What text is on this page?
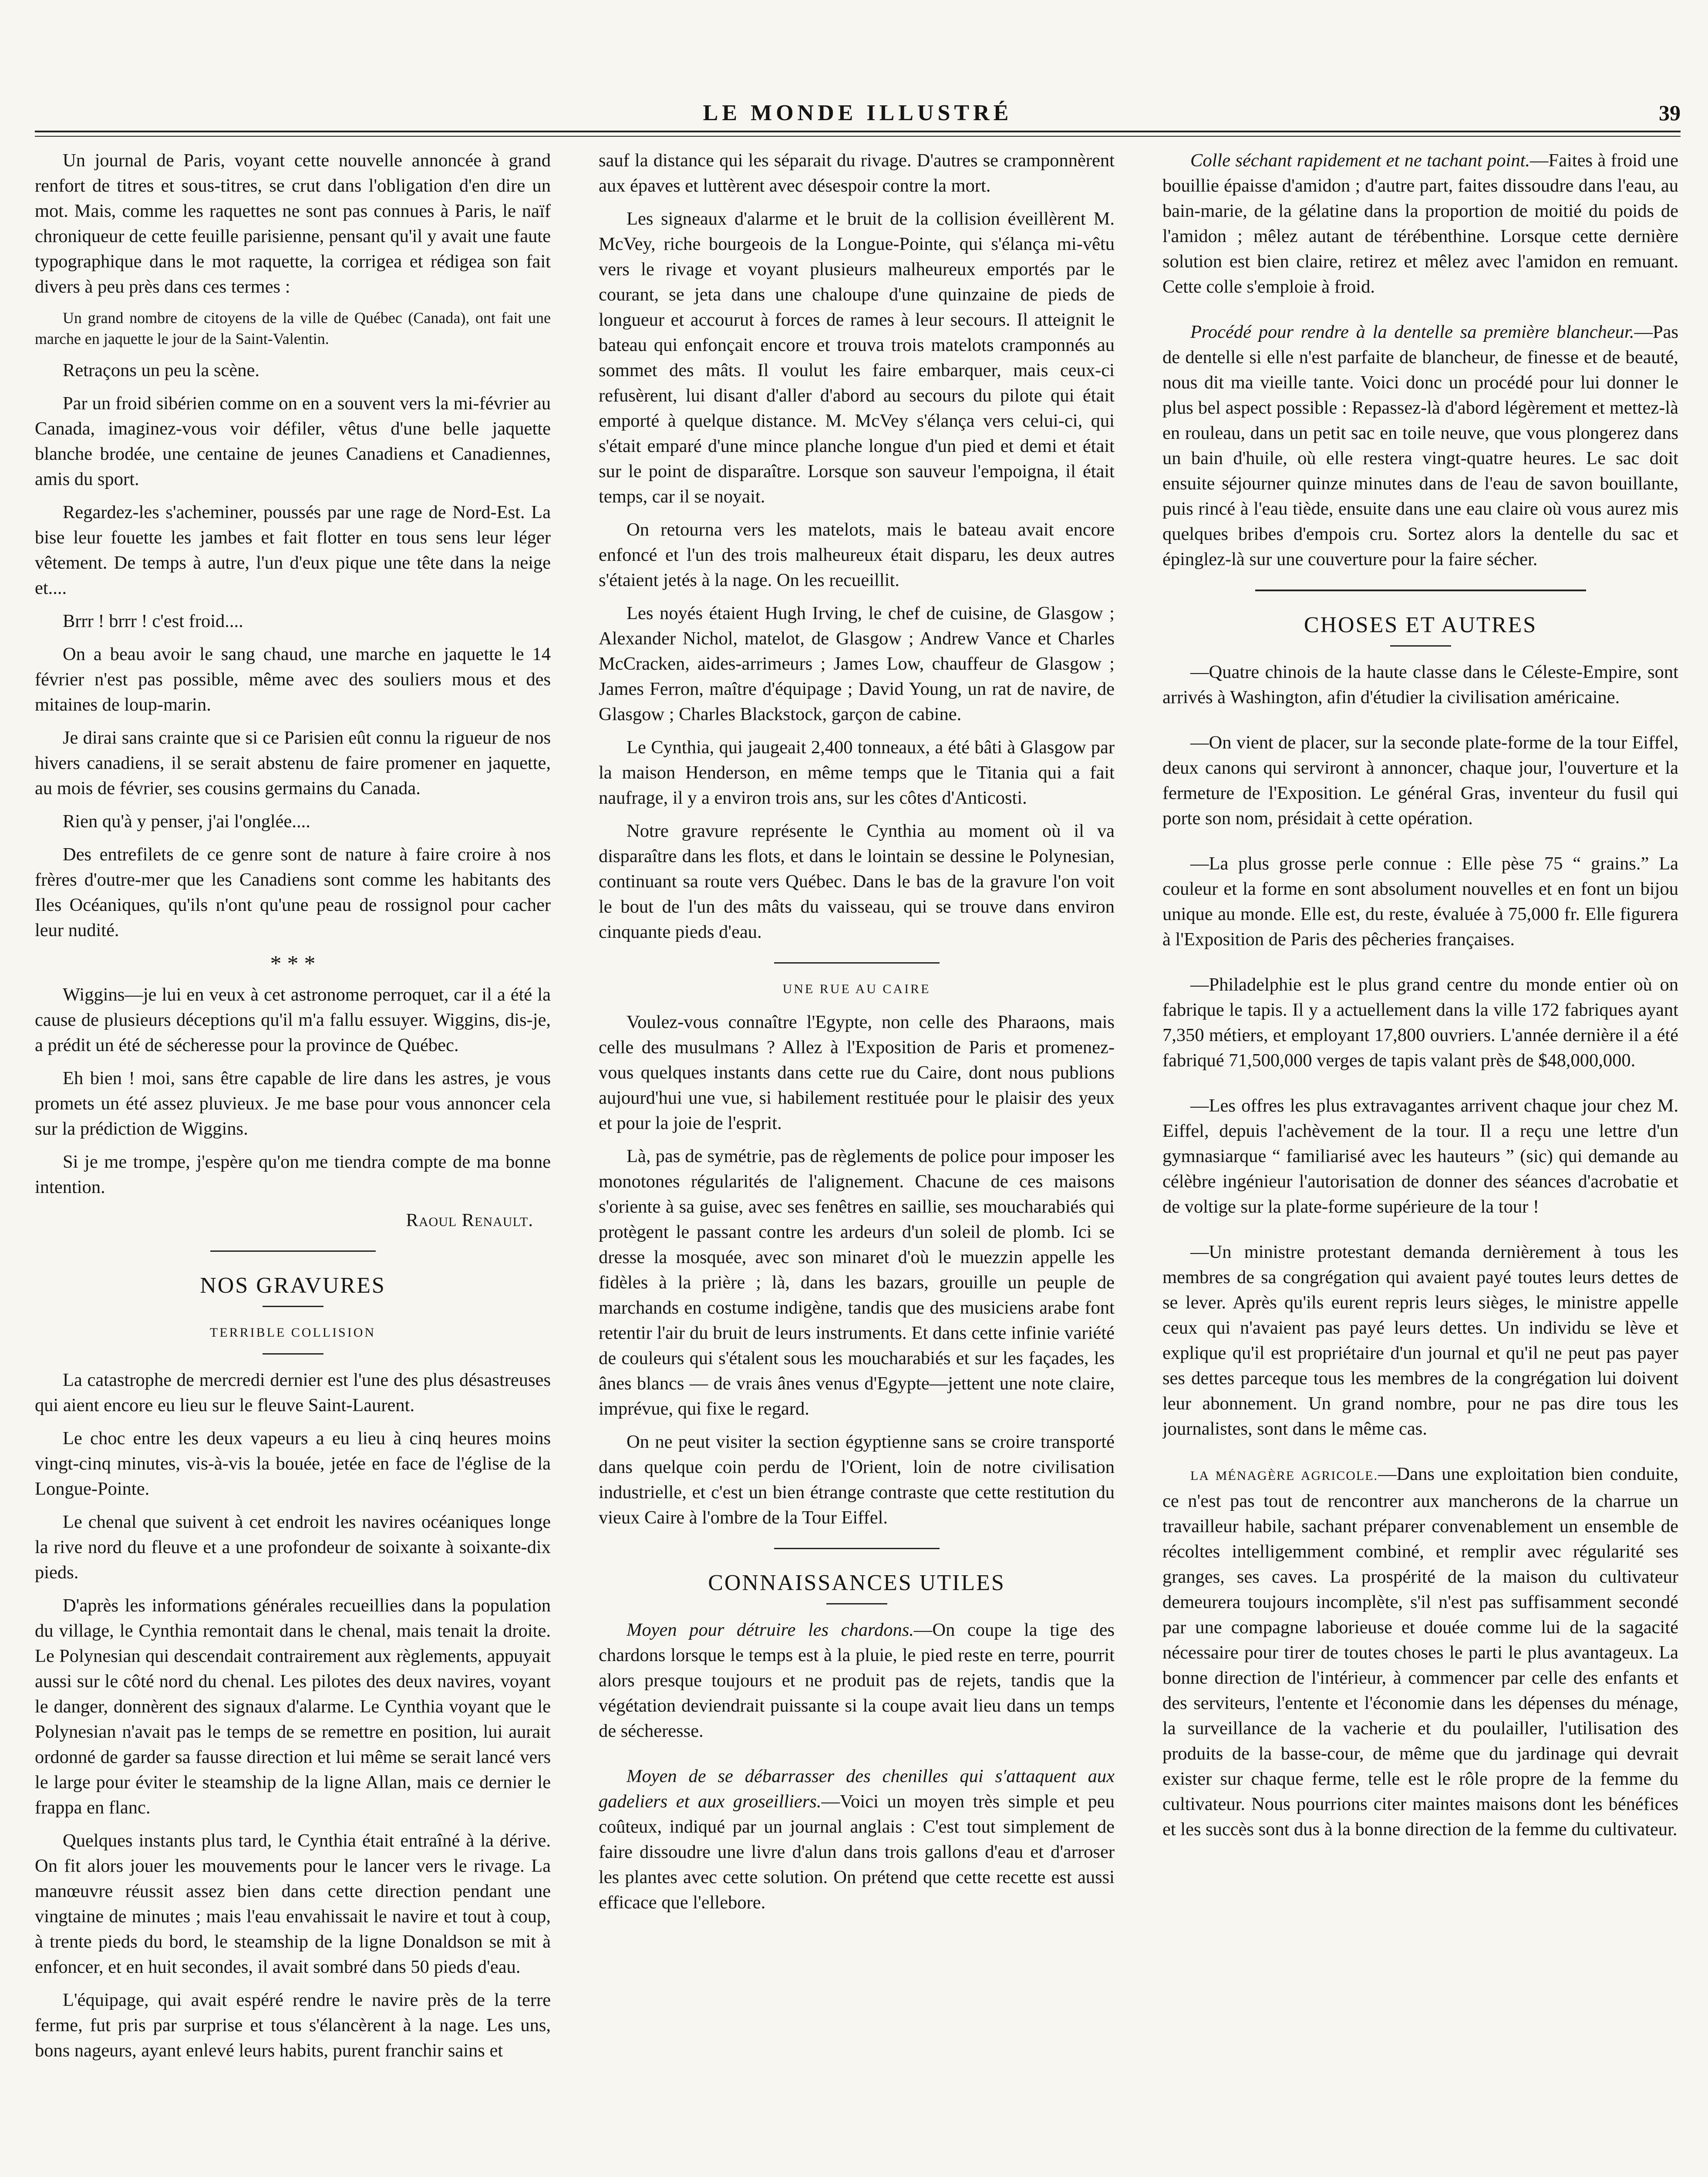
LE MONDE ILLUSTRÉ	39

Un journal de Paris, voyant cette nouvelle annoncée à grand renfort de titres et sous-titres, se crut dans l'obligation d'en dire un mot. Mais, comme les raquettes ne sont pas connues à Paris, le naïf chroniqueur de cette feuille parisienne, pensant qu'il y avait une faute typographique dans le mot raquette, la corrigea et rédigea son fait divers à peu près dans ces termes :

Un grand nombre de citoyens de la ville de Québec (Canada), ont fait une marche en jaquette le jour de la Saint-Valentin.

Retraçons un peu la scène.

Par un froid sibérien comme on en a souvent vers la mi-février au Canada, imaginez-vous voir défiler, vêtus d'une belle jaquette blanche brodée, une centaine de jeunes Canadiens et Canadiennes, amis du sport.

Regardez-les s'acheminer, poussés par une rage de Nord-Est. La bise leur fouette les jambes et fait flotter en tous sens leur léger vêtement. De temps à autre, l'un d'eux pique une tête dans la neige et....

Brrr ! brrr ! c'est froid....

On a beau avoir le sang chaud, une marche en jaquette le 14 février n'est pas possible, même avec des souliers mous et des mitaines de loup-marin.

Je dirai sans crainte que si ce Parisien eût connu la rigueur de nos hivers canadiens, il se serait abstenu de faire promener en jaquette, au mois de février, ses cousins germains du Canada.

Rien qu'à y penser, j'ai l'onglée....

Des entrefilets de ce genre sont de nature à faire croire à nos frères d'outre-mer que les Canadiens sont comme les habitants des Iles Océaniques, qu'ils n'ont qu'une peau de rossignol pour cacher leur nudité.

* * *

Wiggins—je lui en veux à cet astronome perroquet, car il a été la cause de plusieurs déceptions qu'il m'a fallu essuyer. Wiggins, dis-je, a prédit un été de sécheresse pour la province de Québec.

Eh bien ! moi, sans être capable de lire dans les astres, je vous promets un été assez pluvieux. Je me base pour vous annoncer cela sur la prédiction de Wiggins.

Si je me trompe, j'espère qu'on me tiendra compte de ma bonne intention.

Raoul Renault.
NOS GRAVURES
TERRIBLE COLLISION

La catastrophe de mercredi dernier est l'une des plus désastreuses qui aient encore eu lieu sur le fleuve Saint-Laurent.

Le choc entre les deux vapeurs a eu lieu à cinq heures moins vingt-cinq minutes, vis-à-vis la bouée, jetée en face de l'église de la Longue-Pointe.

Le chenal que suivent à cet endroit les navires océaniques longe la rive nord du fleuve et a une profondeur de soixante à soixante-dix pieds.

D'après les informations générales recueillies dans la population du village, le Cynthia remontait dans le chenal, mais tenait la droite. Le Polynesian qui descendait contrairement aux règlements, appuyait aussi sur le côté nord du chenal. Les pilotes des deux navires, voyant le danger, donnèrent des signaux d'alarme. Le Cynthia voyant que le Polynesian n'avait pas le temps de se remettre en position, lui aurait ordonné de garder sa fausse direction et lui même se serait lancé vers le large pour éviter le steamship de la ligne Allan, mais ce dernier le frappa en flanc.

Quelques instants plus tard, le Cynthia était entraîné à la dérive. On fit alors jouer les mouvements pour le lancer vers le rivage. La manœuvre réussit assez bien dans cette direction pendant une vingtaine de minutes ; mais l'eau envahissait le navire et tout à coup, à trente pieds du bord, le steamship de la ligne Donaldson se mit à enfoncer, et en huit secondes, il avait sombré dans 50 pieds d'eau.

L'équipage, qui avait espéré rendre le navire près de la terre ferme, fut pris par surprise et tous s'élancèrent à la nage. Les uns, bons nageurs, ayant enlevé leurs habits, purent franchir sains et

sauf la distance qui les séparait du rivage. D'autres se cramponnèrent aux épaves et luttèrent avec désespoir contre la mort.

Les signeaux d'alarme et le bruit de la collision éveillèrent M. McVey, riche bourgeois de la Longue-Pointe, qui s'élança mi-vêtu vers le rivage et voyant plusieurs malheureux emportés par le courant, se jeta dans une chaloupe d'une quinzaine de pieds de longueur et accourut à forces de rames à leur secours. Il atteignit le bateau qui enfonçait encore et trouva trois matelots cramponnés au sommet des mâts. Il voulut les faire embarquer, mais ceux-ci refusèrent, lui disant d'aller d'abord au secours du pilote qui était emporté à quelque distance. M. McVey s'élança vers celui-ci, qui s'était emparé d'une mince planche longue d'un pied et demi et était sur le point de disparaître. Lorsque son sauveur l'empoigna, il était temps, car il se noyait.

On retourna vers les matelots, mais le bateau avait encore enfoncé et l'un des trois malheureux était disparu, les deux autres s'étaient jetés à la nage. On les recueillit.

Les noyés étaient Hugh Irving, le chef de cuisine, de Glasgow ; Alexander Nichol, matelot, de Glasgow ; Andrew Vance et Charles McCracken, aides-arrimeurs ; James Low, chauffeur de Glasgow ; James Ferron, maître d'équipage ; David Young, un rat de navire, de Glasgow ; Charles Blackstock, garçon de cabine.

Le Cynthia, qui jaugeait 2,400 tonneaux, a été bâti à Glasgow par la maison Henderson, en même temps que le Titania qui a fait naufrage, il y a environ trois ans, sur les côtes d'Anticosti.

Notre gravure représente le Cynthia au moment où il va disparaître dans les flots, et dans le lointain se dessine le Polynesian, continuant sa route vers Québec. Dans le bas de la gravure l'on voit le bout de l'un des mâts du vaisseau, qui se trouve dans environ cinquante pieds d'eau.

UNE RUE AU CAIRE

Voulez-vous connaître l'Egypte, non celle des Pharaons, mais celle des musulmans ? Allez à l'Exposition de Paris et promenez-vous quelques instants dans cette rue du Caire, dont nous publions aujourd'hui une vue, si habilement restituée pour le plaisir des yeux et pour la joie de l'esprit.

Là, pas de symétrie, pas de règlements de police pour imposer les monotones régularités de l'alignement. Chacune de ces maisons s'oriente à sa guise, avec ses fenêtres en saillie, ses moucharabiés qui protègent le passant contre les ardeurs d'un soleil de plomb. Ici se dresse la mosquée, avec son minaret d'où le muezzin appelle les fidèles à la prière ; là, dans les bazars, grouille un peuple de marchands en costume indigène, tandis que des musiciens arabe font retentir l'air du bruit de leurs instruments. Et dans cette infinie variété de couleurs qui s'étalent sous les moucharabiés et sur les façades, les ânes blancs — de vrais ânes venus d'Egypte—jettent une note claire, imprévue, qui fixe le regard.

On ne peut visiter la section égyptienne sans se croire transporté dans quelque coin perdu de l'Orient, loin de notre civilisation industrielle, et c'est un bien étrange contraste que cette restitution du vieux Caire à l'ombre de la Tour Eiffel.

CONNAISSANCES UTILES

Moyen pour détruire les chardons.—On coupe la tige des chardons lorsque le temps est à la pluie, le pied reste en terre, pourrit alors presque toujours et ne produit pas de rejets, tandis que la végétation deviendrait puissante si la coupe avait lieu dans un temps de sécheresse.

Moyen de se débarrasser des chenilles qui s'attaquent aux gadeliers et aux groseilliers.—Voici un moyen très simple et peu coûteux, indiqué par un journal anglais : C'est tout simplement de faire dissoudre une livre d'alun dans trois gallons d'eau et d'arroser les plantes avec cette solution. On prétend que cette recette est aussi efficace que l'ellebore.

Colle séchant rapidement et ne tachant point.—Faites à froid une bouillie épaisse d'amidon ; d'autre part, faites dissoudre dans l'eau, au bain-marie, de la gélatine dans la proportion de moitié du poids de l'amidon ; mêlez autant de térébenthine. Lorsque cette dernière solution est bien claire, retirez et mêlez avec l'amidon en remuant. Cette colle s'emploie à froid.

Procédé pour rendre à la dentelle sa première blancheur.—Pas de dentelle si elle n'est parfaite de blancheur, de finesse et de beauté, nous dit ma vieille tante. Voici donc un procédé pour lui donner le plus bel aspect possible : Repassez-là d'abord légèrement et mettez-là en rouleau, dans un petit sac en toile neuve, que vous plongerez dans un bain d'huile, où elle restera vingt-quatre heures. Le sac doit ensuite séjourner quinze minutes dans de l'eau de savon bouillante, puis rincé à l'eau tiède, ensuite dans une eau claire où vous aurez mis quelques bribes d'empois cru. Sortez alors la dentelle du sac et épinglez-là sur une couverture pour la faire sécher.

CHOSES ET AUTRES

—Quatre chinois de la haute classe dans le Céleste-Empire, sont arrivés à Washington, afin d'étudier la civilisation américaine.

—On vient de placer, sur la seconde plate-forme de la tour Eiffel, deux canons qui serviront à annoncer, chaque jour, l'ouverture et la fermeture de l'Exposition. Le général Gras, inventeur du fusil qui porte son nom, présidait à cette opération.

—La plus grosse perle connue : Elle pèse 75 “ grains.” La couleur et la forme en sont absolument nouvelles et en font un bijou unique au monde. Elle est, du reste, évaluée à 75,000 fr. Elle figurera à l'Exposition de Paris des pêcheries françaises.

—Philadelphie est le plus grand centre du monde entier où on fabrique le tapis. Il y a actuellement dans la ville 172 fabriques ayant 7,350 métiers, et employant 17,800 ouvriers. L'année dernière il a été fabriqué 71,500,000 verges de tapis valant près de $48,000,000.

—Les offres les plus extravagantes arrivent chaque jour chez M. Eiffel, depuis l'achèvement de la tour. Il a reçu une lettre d'un gymnasiarque “ familiarisé avec les hauteurs ” (sic) qui demande au célèbre ingénieur l'autorisation de donner des séances d'acrobatie et de voltige sur la plate-forme supérieure de la tour !

—Un ministre protestant demanda dernièrement à tous les membres de sa congrégation qui avaient payé toutes leurs dettes de se lever. Après qu'ils eurent repris leurs sièges, le ministre appelle ceux qui n'avaient pas payé leurs dettes. Un individu se lève et explique qu'il est propriétaire d'un journal et qu'il ne peut pas payer ses dettes parceque tous les membres de la congrégation lui doivent leur abonnement. Un grand nombre, pour ne pas dire tous les journalistes, sont dans le même cas.

LA MÉNAGÈRE AGRICOLE.—Dans une exploitation bien conduite, ce n'est pas tout de rencontrer aux mancherons de la charrue un travailleur habile, sachant préparer convenablement un ensemble de récoltes intelligemment combiné, et remplir avec régularité ses granges, ses caves. La prospérité de la maison du cultivateur demeurera toujours incomplète, s'il n'est pas suffisamment secondé par une compagne laborieuse et douée comme lui de la sagacité nécessaire pour tirer de toutes choses le parti le plus avantageux. La bonne direction de l'intérieur, à commencer par celle des enfants et des serviteurs, l'entente et l'économie dans les dépenses du ménage, la surveillance de la vacherie et du poulailler, l'utilisation des produits de la basse-cour, de même que du jardinage qui devrait exister sur chaque ferme, telle est le rôle propre de la femme du cultivateur. Nous pourrions citer maintes maisons dont les bénéfices et les succès sont dus à la bonne direction de la femme du cultivateur.
